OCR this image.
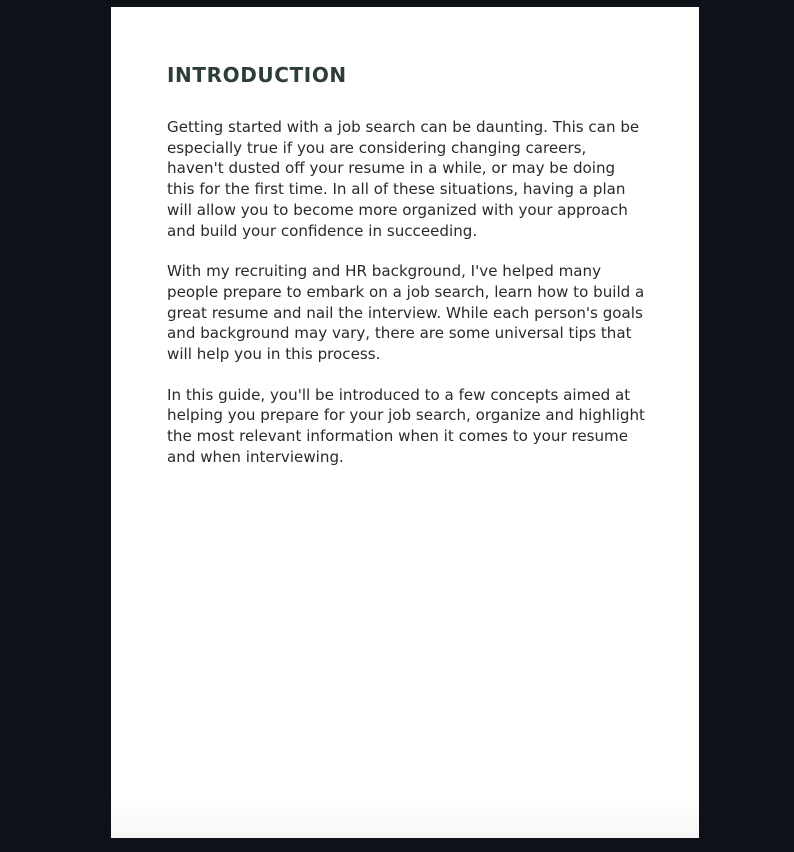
INTRODUCTION

Getting started with a job search can be daunting. This can be especially true if you are considering changing careers, haven't dusted off your resume in a while, or may be doing this for the first time. In all of these situations, having a plan will allow you to become more organized with your approach and build your confidence in succeeding.

With my recruiting and HR background, I've helped many people prepare to embark on a job search, learn how to build a great resume and nail the interview. While each person's goals and background may vary, there are some universal tips that will help you in this process.

In this guide, you'll be introduced to a few concepts aimed at helping you prepare for your job search, organize and highlight the most relevant information when it comes to your resume and when interviewing.
